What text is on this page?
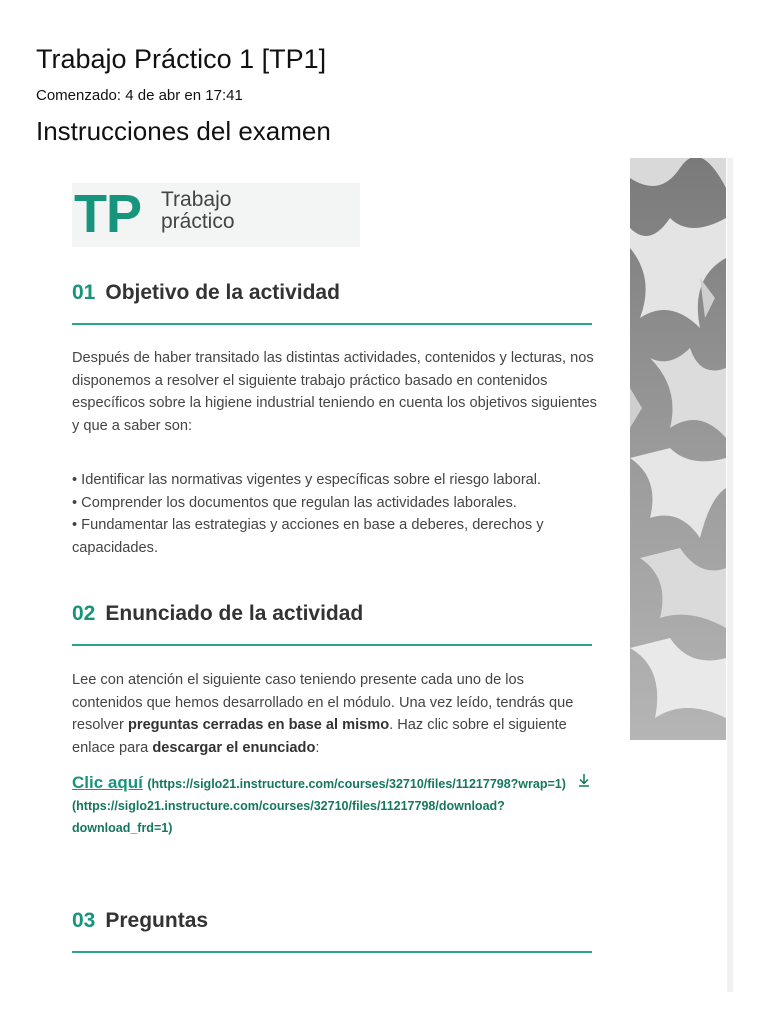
Trabajo Práctico 1 [TP1]
Comenzado: 4 de abr en 17:41
Instrucciones del examen
TP Trabajo
práctico
01 Objetivo de la actividad

Después de haber transitado las distintas actividades, contenidos y lecturas, nos disponemos a resolver el siguiente trabajo práctico basado en contenidos específicos sobre la higiene industrial teniendo en cuenta los objetivos siguientes y que a saber son:

• Identificar las normativas vigentes y específicas sobre el riesgo laboral.
• Comprender los documentos que regulan las actividades laborales.
• Fundamentar las estrategias y acciones en base a deberes, derechos y capacidades.
02 Enunciado de la actividad

Lee con atención el siguiente caso teniendo presente cada uno de los contenidos que hemos desarrollado en el módulo. Una vez leído, tendrás que resolver preguntas cerradas en base al mismo. Haz clic sobre el siguiente enlace para descargar el enunciado:

Clic aquí (https://siglo21.instructure.com/courses/32710/files/11217798?wrap=1)
(https://siglo21.instructure.com/courses/32710/files/11217798/download?download_frd=1)
03 Preguntas
